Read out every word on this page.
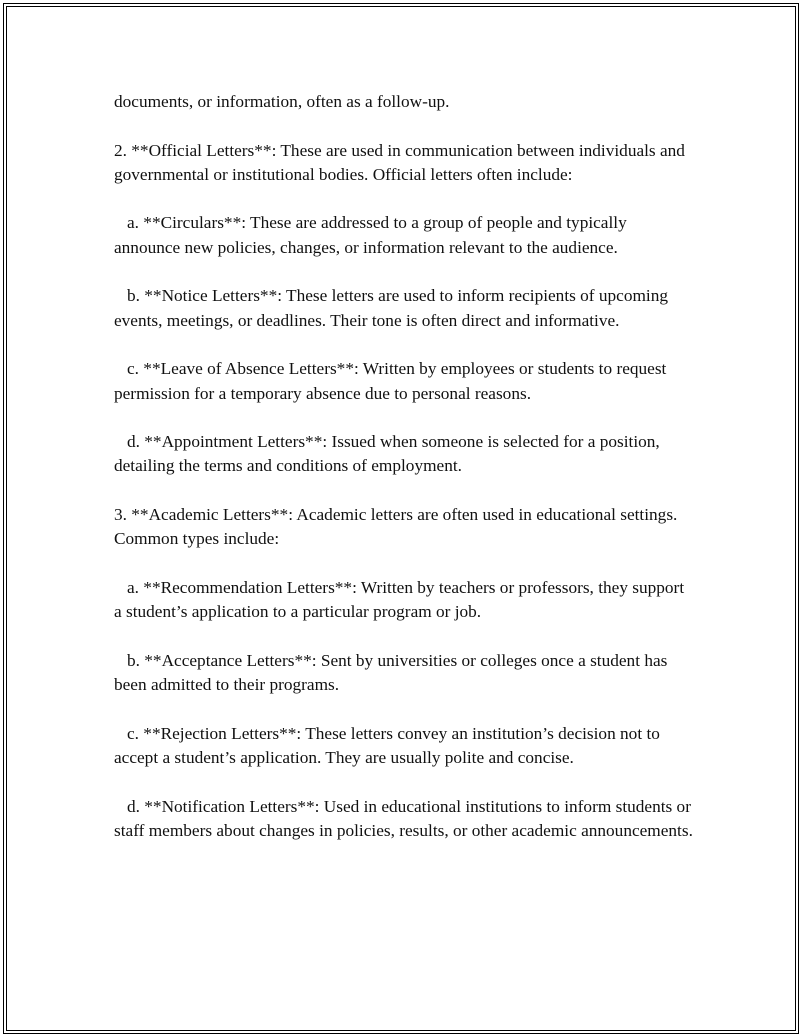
documents, or information, often as a follow-up.

2. **Official Letters**: These are used in communication between individuals and governmental or institutional bodies. Official letters often include:

a. **Circulars**: These are addressed to a group of people and typically announce new policies, changes, or information relevant to the audience.

b. **Notice Letters**: These letters are used to inform recipients of upcoming events, meetings, or deadlines. Their tone is often direct and informative.

c. **Leave of Absence Letters**: Written by employees or students to request permission for a temporary absence due to personal reasons.

d. **Appointment Letters**: Issued when someone is selected for a position, detailing the terms and conditions of employment.

3. **Academic Letters**: Academic letters are often used in educational settings. Common types include:

a. **Recommendation Letters**: Written by teachers or professors, they support a student’s application to a particular program or job.

b. **Acceptance Letters**: Sent by universities or colleges once a student has been admitted to their programs.

c. **Rejection Letters**: These letters convey an institution’s decision not to accept a student’s application. They are usually polite and concise.

d. **Notification Letters**: Used in educational institutions to inform students or staff members about changes in policies, results, or other academic announcements.
